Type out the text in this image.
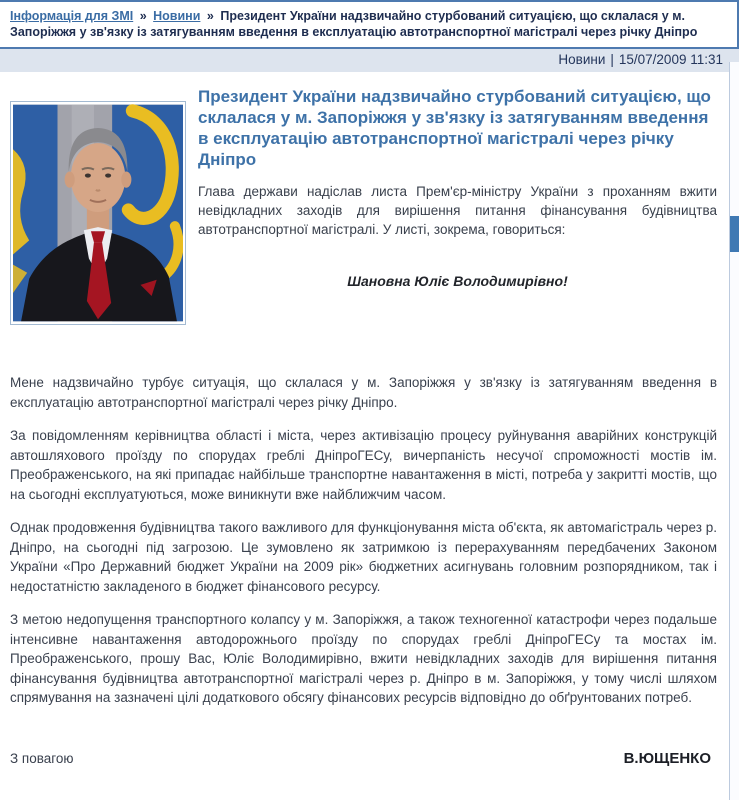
Інформація для ЗМІ » Новини » Президент України надзвичайно стурбований ситуацією, що склалася у м. Запоріжжя у зв'язку із затягуванням введення в експлуатацію автотранспортної магістралі через річку Дніпро
Новини | 15/07/2009 11:31
Президент України надзвичайно стурбований ситуацією, що склалася у м. Запоріжжя у зв'язку із затягуванням введення в експлуатацію автотранспортної магістралі через річку Дніпро

Глава держави надіслав листа Прем'єр-міністру України з проханням вжити невідкладних заходів для вирішення питання фінансування будівництва автотранспортної магістралі. У листі, зокрема, говориться:

Шановна Юліє Володимирівно!

Мене надзвичайно турбує ситуація, що склалася у м. Запоріжжя у зв'язку із затягуванням введення в експлуатацію автотранспортної магістралі через річку Дніпро.

За повідомленням керівництва області і міста, через активізацію процесу руйнування аварійних конструкцій автошляхового проїзду по спорудах греблі ДніпроГЕСу, вичерпаність несучої спроможності мостів ім. Преображенського, на які припадає найбільше транспортне навантаження в місті, потреба у закритті мостів, що на сьогодні експлуатуються, може виникнути вже найближчим часом.

Однак продовження будівництва такого важливого для функціонування міста об'єкта, як автомагістраль через р. Дніпро, на сьогодні під загрозою. Це зумовлено як затримкою із перерахуванням передбачених Законом України «Про Державний бюджет України на 2009 рік» бюджетних асигнувань головним розпорядником, так і недостатністю закладеного в бюджет фінансового ресурсу.

З метою недопущення транспортного колапсу у м. Запоріжжя, а також техногенної катастрофи через подальше інтенсивне навантаження автодорожнього проїзду по спорудах греблі ДніпроГЕСу та мостах ім. Преображенського, прошу Вас, Юліє Володимирівно, вжити невідкладних заходів для вирішення питання фінансування будівництва автотранспортної магістралі через р. Дніпро в м. Запоріжжя, у тому числі шляхом спрямування на зазначені цілі додаткового обсягу фінансових ресурсів відповідно до обґрунтованих потреб.

З повагою	В.ЮЩЕНКО
